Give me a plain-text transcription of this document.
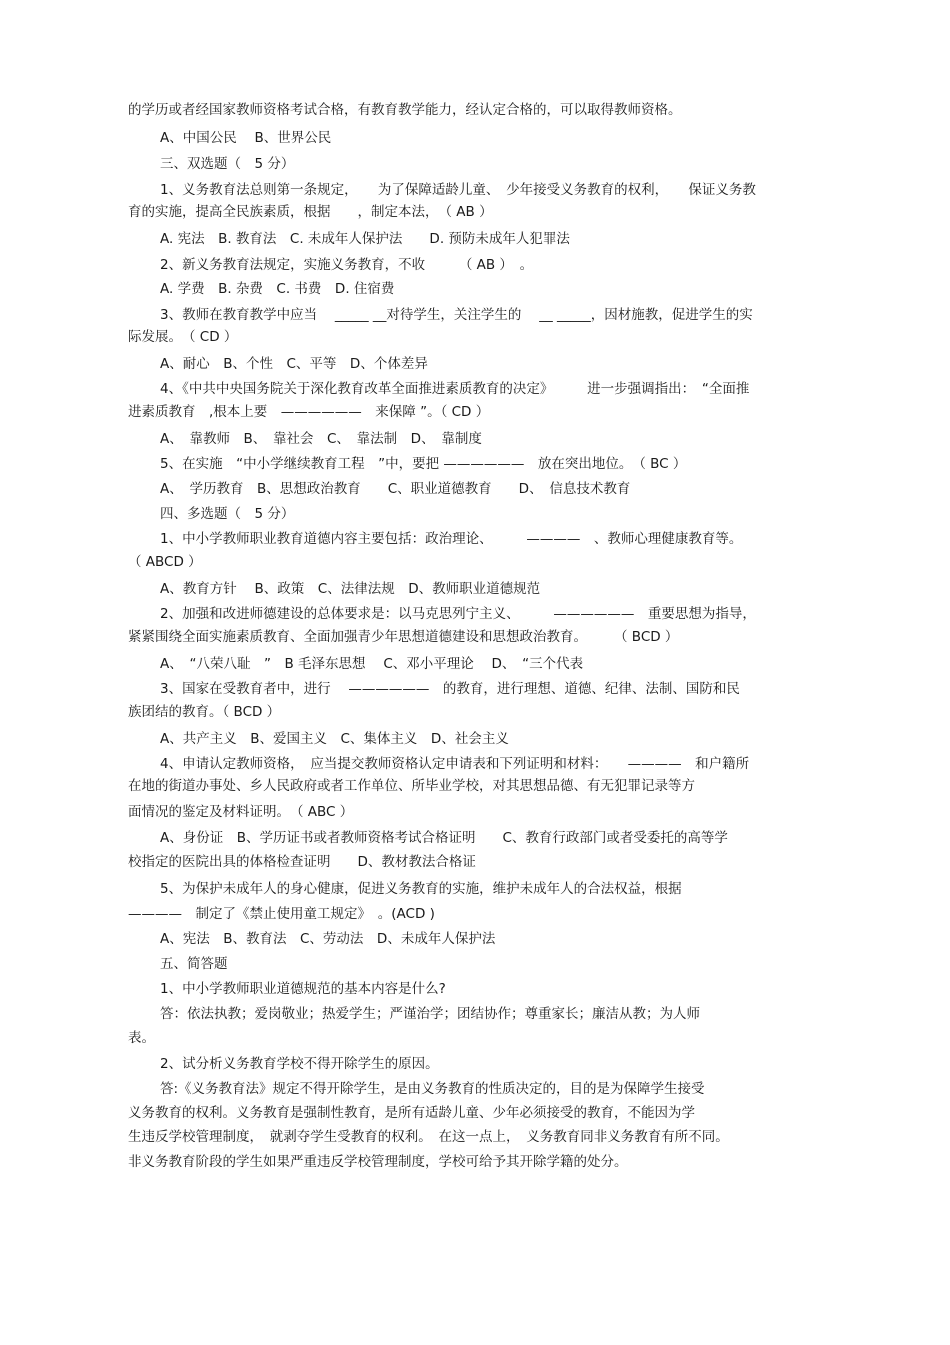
的学历或者经国家教师资格考试合格，有教育教学能力，经认定合格的，可以取得教师资格。
A、中国公民　 B、世界公民
三、双选题（　5 分）
1、义务教育法总则第一条规定，　　为了保障适龄儿童、　少年接受义务教育的权利，　　保证义务教
育的实施，提高全民族素质，根据　　，制定本法，　（ AB ）
A. 宪法　B. 教育法　C. 未成年人保护法　　D. 预防未成年人犯罪法
2、新义务教育法规定，实施义务教育，不收　　　（ AB ）　。
A. 学费　B. 杂费　C. 书费　D. 住宿费
3、教师在教育教学中应当　 _____ __对待学生，关注学生的　 __ _____，因材施教，促进学生的实
际发展。　（ CD ）
A、耐心　B、个性　C、平等　D、个体差异
4、《中共中央国务院关于深化教育改革全面推进素质教育的决定》　　　进一步强调指出：　“全面推
进素质教育　,根本上要　——————　来保障 ”。（ CD ）
A、　靠教师　B、　靠社会　C、　靠法制　D、　靠制度
5、在实施　“中小学继续教育工程　”中，要把 ——————　放在突出地位。　（ BC ）
A、　学历教育　B、思想政治教育　　C、职业道德教育　　D、　信息技术教育
四、多选题（　5 分）
1、中小学教师职业教育道德内容主要包括：政治理论、　　　————　、教师心理健康教育等。
（ ABCD ）
A、教育方针　 B、政策　C、法律法规　D、教师职业道德规范
2、加强和改进师德建设的总体要求是：以马克思列宁主义、　　　——————　重要思想为指导，
紧紧围绕全面实施素质教育、全面加强青少年思想道德建设和思想政治教育。　　　（ BCD ）
A、　“八荣八耻　”　B 毛泽东思想　 C、邓小平理论　 D、　“三个代表
3、国家在受教育者中，进行　 ——————　的教育，进行理想、道德、纪律、法制、国防和民
族团结的教育。（ BCD ）
A、共产主义　B、爱国主义　C、集体主义　D、社会主义
4、申请认定教师资格，　应当提交教师资格认定申请表和下列证明和材料：　　————　和户籍所
在地的街道办事处、乡人民政府或者工作单位、所毕业学校，对其思想品德、有无犯罪记录等方
面情况的鉴定及材料证明。　（ ABC ）
A、身份证　B、学历证书或者教师资格考试合格证明　　C、教育行政部门或者受委托的高等学
校指定的医院出具的体格检查证明　　D、教材教法合格证
5、为保护未成年人的身心健康，促进义务教育的实施，维护未成年人的合法权益，根据
————　制定了《禁止使用童工规定》　。(ACD )
A、宪法　B、教育法　C、劳动法　D、未成年人保护法
五、简答题
1、中小学教师职业道德规范的基本内容是什么?
答：依法执教；爱岗敬业；热爱学生；严谨治学；团结协作；尊重家长；廉洁从教；为人师
表。
2、试分析义务教育学校不得开除学生的原因。
答:《义务教育法》规定不得开除学生，是由义务教育的性质决定的，目的是为保障学生接受
义务教育的权利。义务教育是强制性教育，是所有适龄儿童、少年必须接受的教育，不能因为学
生违反学校管理制度，　就剥夺学生受教育的权利。　在这一点上，　义务教育同非义务教育有所不同。
非义务教育阶段的学生如果严重违反学校管理制度，学校可给予其开除学籍的处分。
